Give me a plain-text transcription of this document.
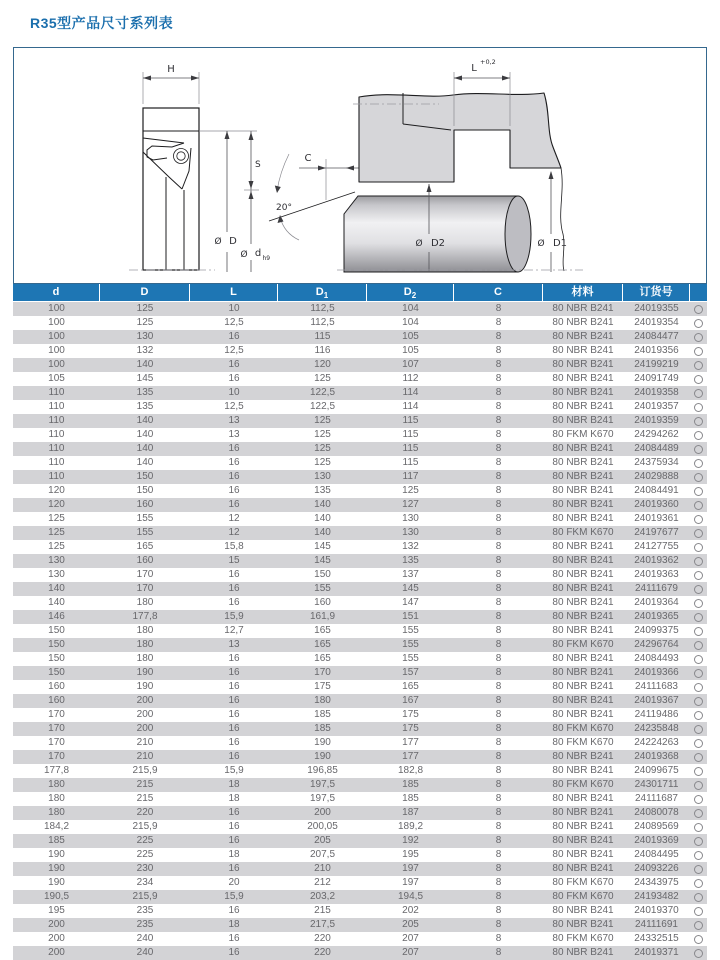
R35型产品尺寸系列表
H
Ø D
S
Ø d h9
C
20°
L
+0,2
Ø D2	Ø D1
d	D	L	$D_1$	$D_2$	C	材料	订货号
100	125	10	112,5	104	8	80 NBR B241	24019355
100	125	12,5	112,5	104	8	80 NBR B241	24019354
100	130	16	115	105	8	80 NBR B241	24084477
100	132	12,5	116	105	8	80 NBR B241	24019356
100	140	16	120	107	8	80 NBR B241	24199219
105	145	16	125	112	8	80 NBR B241	24091749
110	135	10	122,5	114	8	80 NBR B241	24019358
110	135	12,5	122,5	114	8	80 NBR B241	24019357
110	140	13	125	115	8	80 NBR B241	24019359
110	140	13	125	115	8	80 FKM K670	24294262
110	140	16	125	115	8	80 NBR B241	24084489
110	140	16	125	115	8	80 NBR B241	24375934
110	150	16	130	117	8	80 NBR B241	24029888
120	150	16	135	125	8	80 NBR B241	24084491
120	160	16	140	127	8	80 NBR B241	24019360
125	155	12	140	130	8	80 NBR B241	24019361
125	155	12	140	130	8	80 FKM K670	24197677
125	165	15,8	145	132	8	80 NBR B241	24127755
130	160	15	145	135	8	80 NBR B241	24019362
130	170	16	150	137	8	80 NBR B241	24019363
140	170	16	155	145	8	80 NBR B241	24111679
140	180	16	160	147	8	80 NBR B241	24019364
146	177,8	15,9	161,9	151	8	80 NBR B241	24019365
150	180	12,7	165	155	8	80 NBR B241	24099375
150	180	13	165	155	8	80 FKM K670	24296764
150	180	16	165	155	8	80 NBR B241	24084493
150	190	16	170	157	8	80 NBR B241	24019366
160	190	16	175	165	8	80 NBR B241	24111683
160	200	16	180	167	8	80 NBR B241	24019367
170	200	16	185	175	8	80 NBR B241	24119486
170	200	16	185	175	8	80 FKM K670	24235848
170	210	16	190	177	8	80 FKM K670	24224263
170	210	16	190	177	8	80 NBR B241	24019368
177,8	215,9	15,9	196,85	182,8	8	80 NBR B241	24099675
180	215	18	197,5	185	8	80 FKM K670	24301711
180	215	18	197,5	185	8	80 NBR B241	24111687
180	220	16	200	187	8	80 NBR B241	24080078
184,2	215,9	16	200,05	189,2	8	80 NBR B241	24089569
185	225	16	205	192	8	80 NBR B241	24019369
190	225	18	207,5	195	8	80 NBR B241	24084495
190	230	16	210	197	8	80 NBR B241	24093226
190	234	20	212	197	8	80 FKM K670	24343975
190,5	215,9	15,9	203,2	194,5	8	80 FKM K670	24193482
195	235	16	215	202	8	80 NBR B241	24019370
200	235	18	217,5	205	8	80 NBR B241	24111691
200	240	16	220	207	8	80 FKM K670	24332515
200	240	16	220	207	8	80 NBR B241	24019371
